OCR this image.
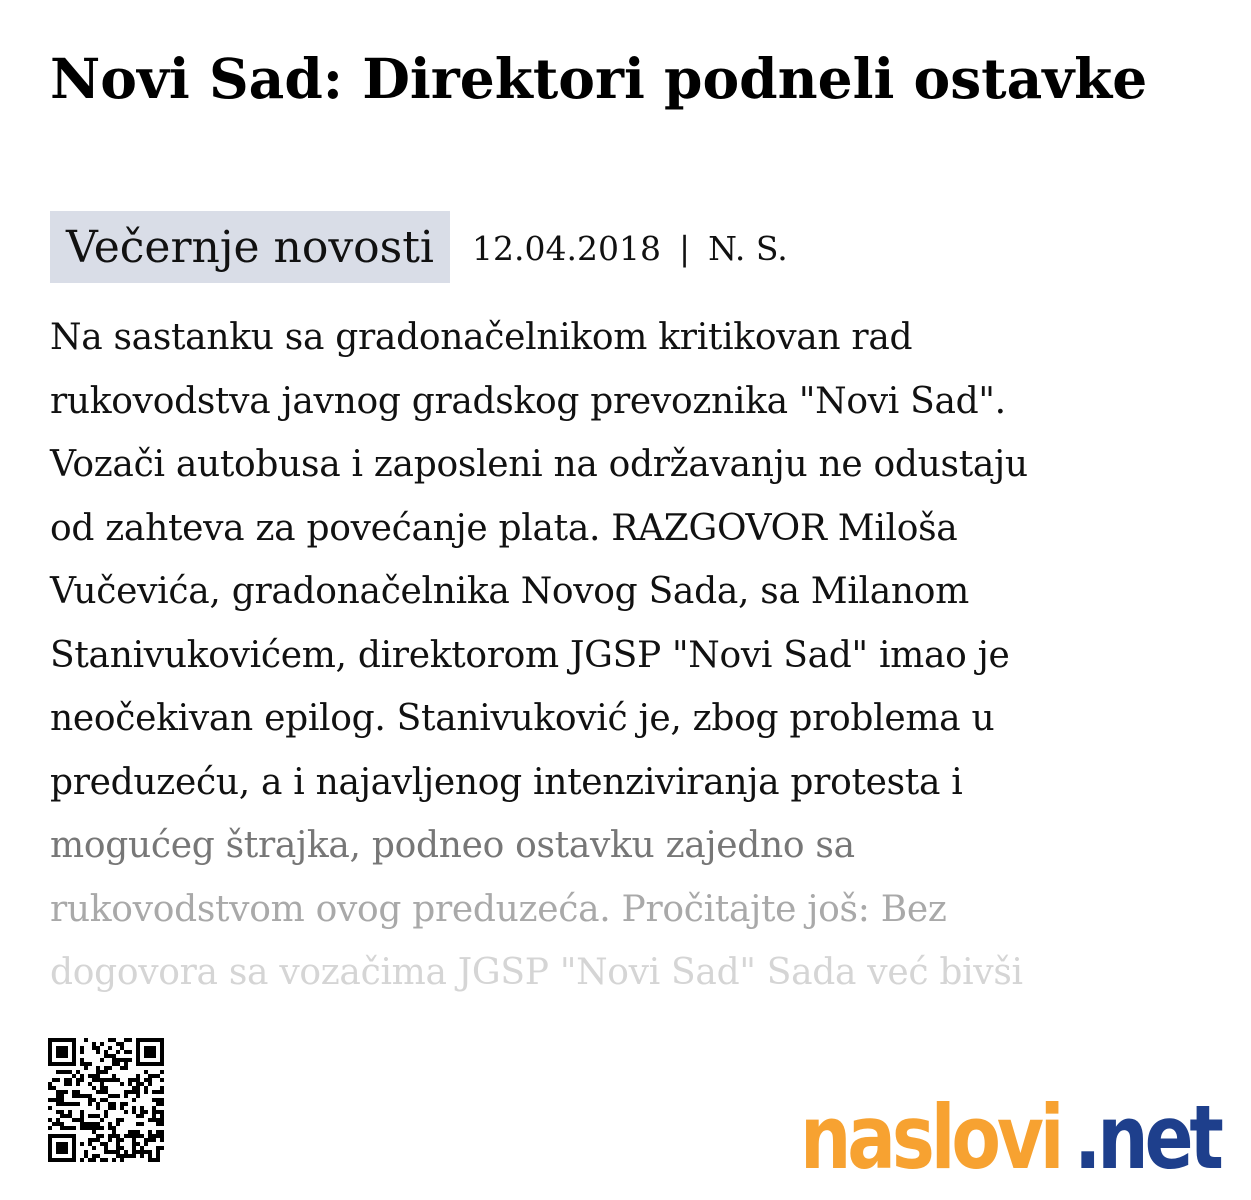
Novi Sad: Direktori podneli ostavke
Večernje novosti	12.04.2018 | N. S.
Na sastanku sa gradonačelnikom kritikovan rad
rukovodstva javnog gradskog prevoznika "Novi Sad".
Vozači autobusa i zaposleni na održavanju ne odustaju
od zahteva za povećanje plata. RAZGOVOR Miloša
Vučevića, gradonačelnika Novog Sada, sa Milanom
Stanivukovićem, direktorom JGSP "Novi Sad" imao je
neočekivan epilog. Stanivuković je, zbog problema u
preduzeću, a i najavljenog intenziviranja protesta i
mogućeg štrajka, podneo ostavku zajedno sa
rukovodstvom ovog preduzeća. Pročitajte još: Bez
dogovora sa vozačima JGSP "Novi Sad" Sada već bivši
naslovi .net
